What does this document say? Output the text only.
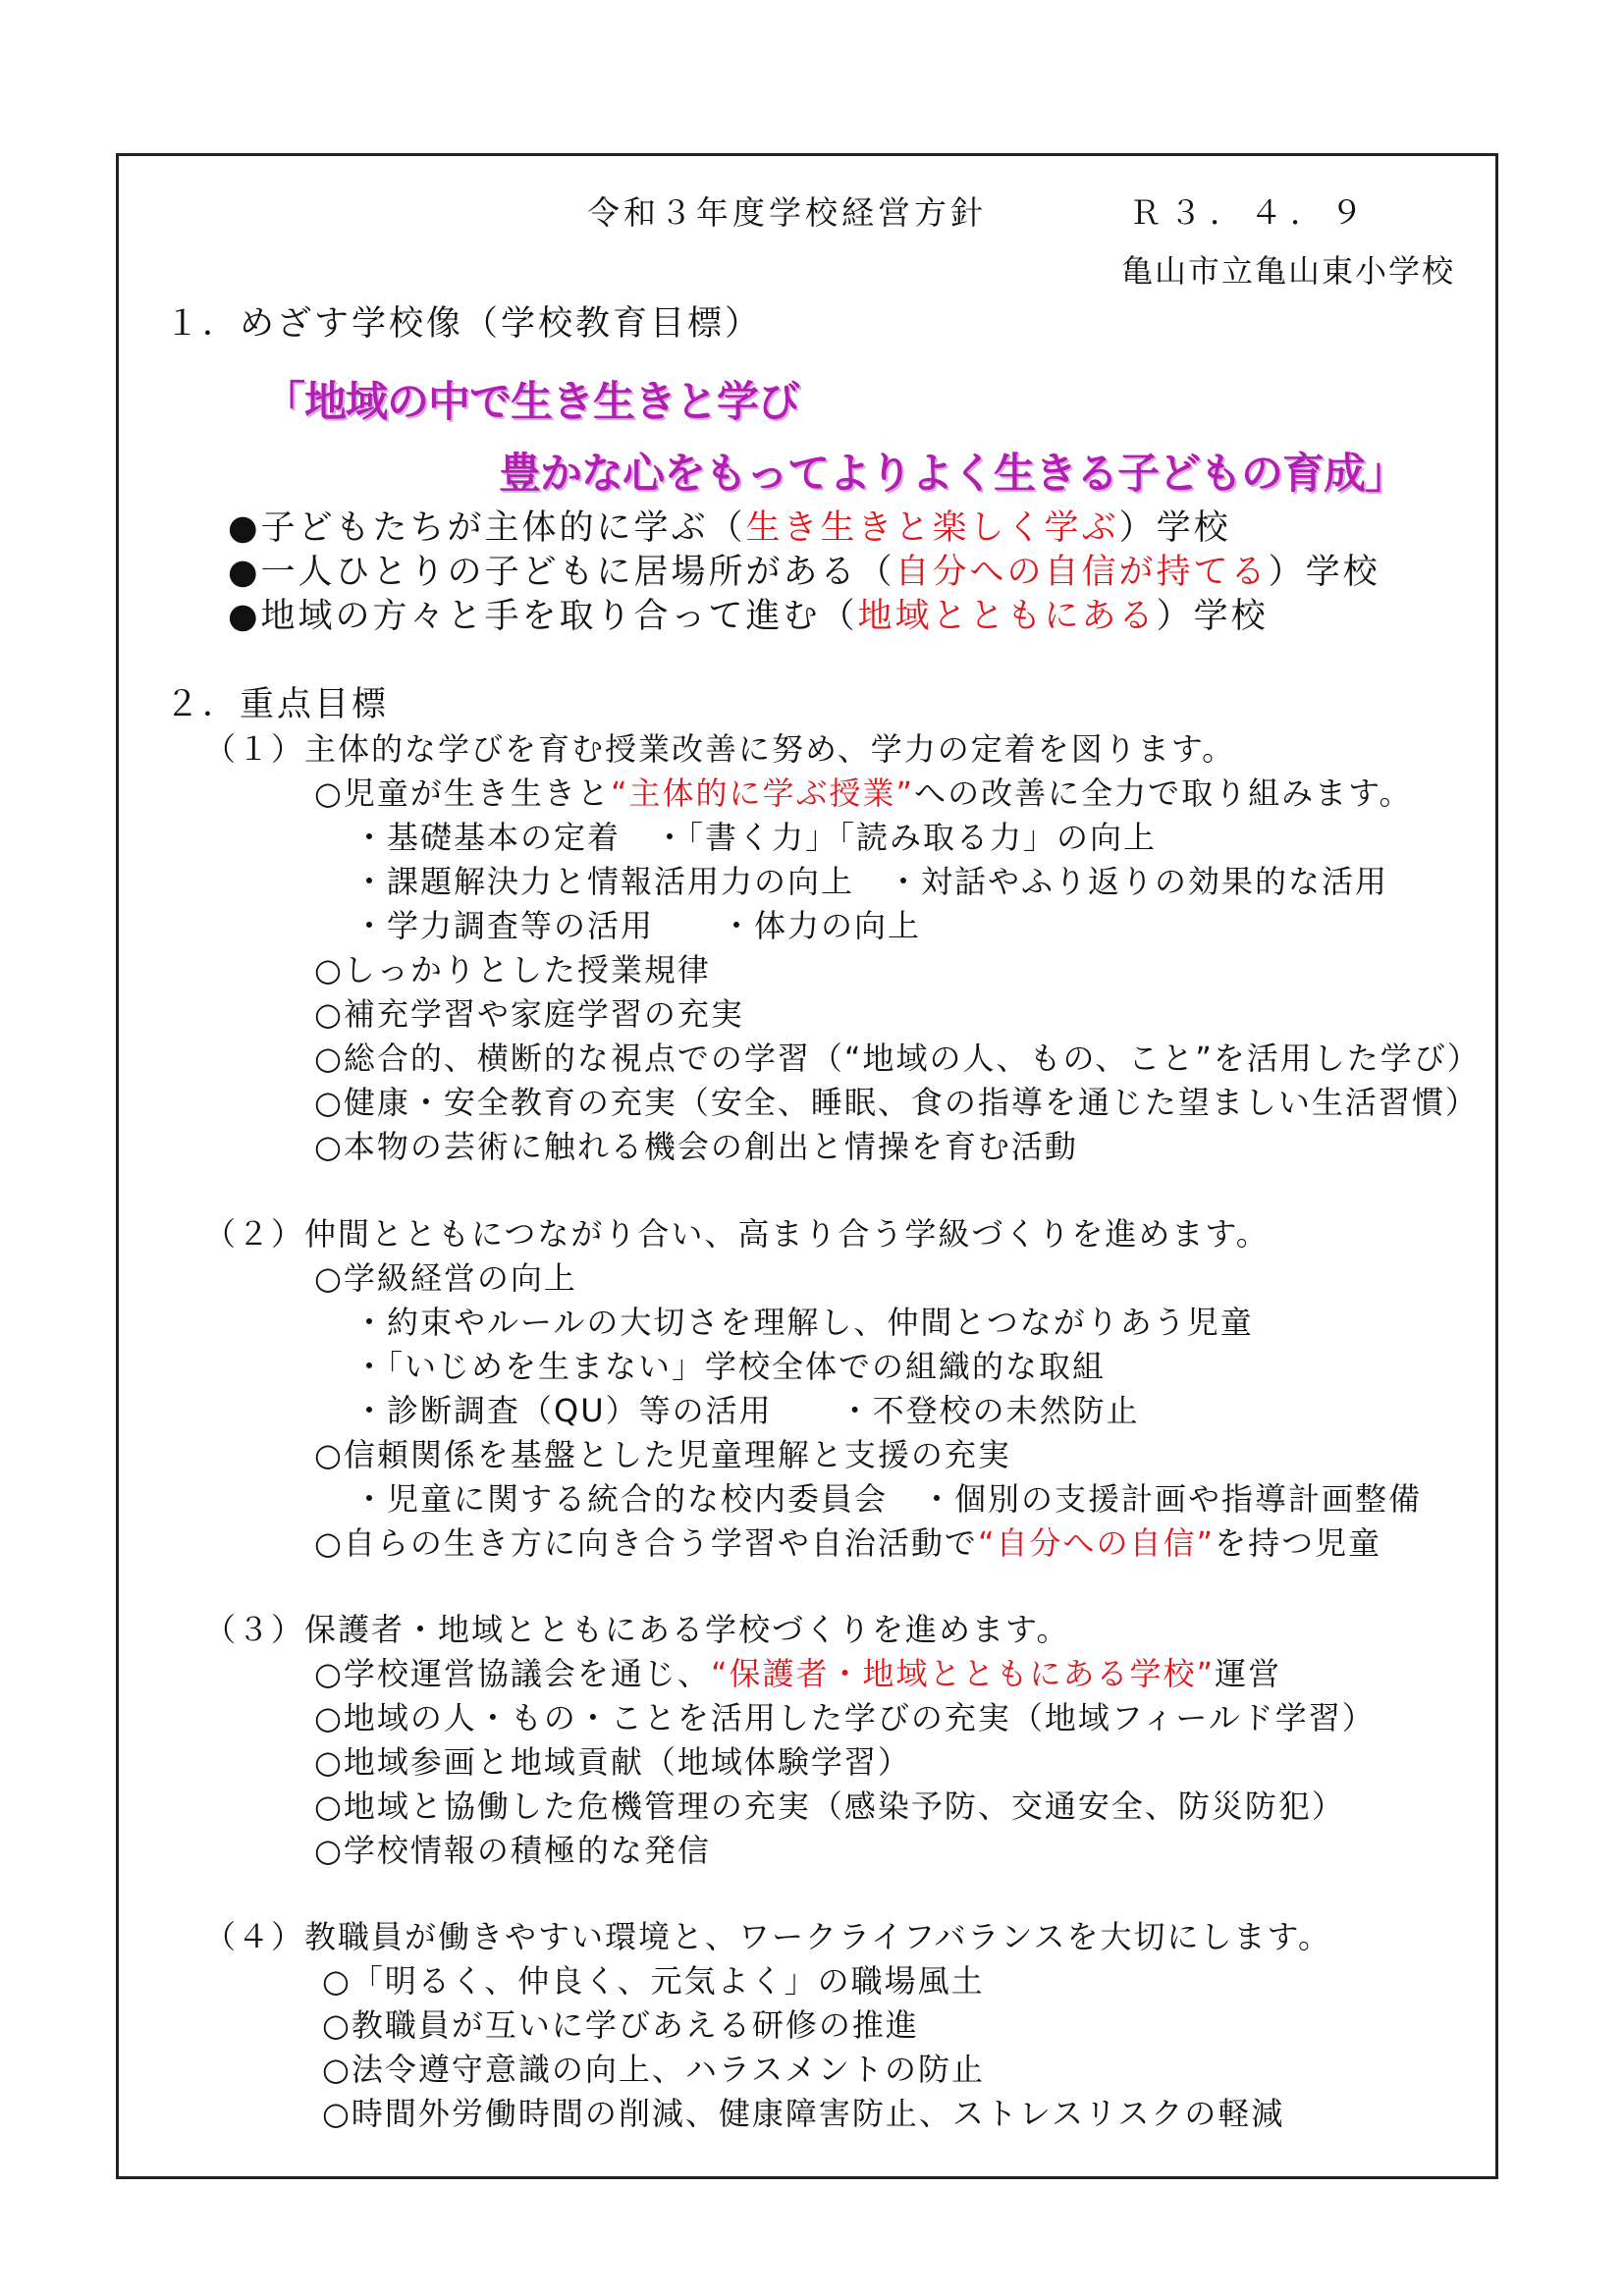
令和３年度学校経営方針	Ｒ３．４．９
亀山市立亀山東小学校
１．めざす学校像（学校教育目標）
「地域の中で生き生きと学び
豊かな心をもってよりよく生きる子どもの育成」
●子どもたちが主体的に学ぶ（生き生きと楽しく学ぶ）学校
●一人ひとりの子どもに居場所がある（自分への自信が持てる）学校
●地域の方々と手を取り合って進む（地域とともにある）学校
２．重点目標
（１）主体的な学びを育む授業改善に努め、学力の定着を図ります。
○児童が生き生きと“主体的に学ぶ授業”への改善に全力で取り組みます。
・基礎基本の定着　・「書く力」「読み取る力」の向上
・課題解決力と情報活用力の向上　・対話やふり返りの効果的な活用
・学力調査等の活用　　・体力の向上
○しっかりとした授業規律
○補充学習や家庭学習の充実
○総合的、横断的な視点での学習（“地域の人、もの、こと”を活用した学び）
○健康・安全教育の充実（安全、睡眠、食の指導を通じた望ましい生活習慣）
○本物の芸術に触れる機会の創出と情操を育む活動
（２）仲間とともにつながり合い、高まり合う学級づくりを進めます。
○学級経営の向上
・約束やルールの大切さを理解し、仲間とつながりあう児童
・「いじめを生まない」学校全体での組織的な取組
・診断調査（QU）等の活用　　・不登校の未然防止
○信頼関係を基盤とした児童理解と支援の充実
・児童に関する統合的な校内委員会　・個別の支援計画や指導計画整備
○自らの生き方に向き合う学習や自治活動で“自分への自信”を持つ児童
（３）保護者・地域とともにある学校づくりを進めます。
○学校運営協議会を通じ、“保護者・地域とともにある学校”運営
○地域の人・もの・ことを活用した学びの充実（地域フィールド学習）
○地域参画と地域貢献（地域体験学習）
○地域と協働した危機管理の充実（感染予防、交通安全、防災防犯）
○学校情報の積極的な発信
（４）教職員が働きやすい環境と、ワークライフバランスを大切にします。
○「明るく、仲良く、元気よく」の職場風土
○教職員が互いに学びあえる研修の推進
○法令遵守意識の向上、ハラスメントの防止
○時間外労働時間の削減、健康障害防止、ストレスリスクの軽減
